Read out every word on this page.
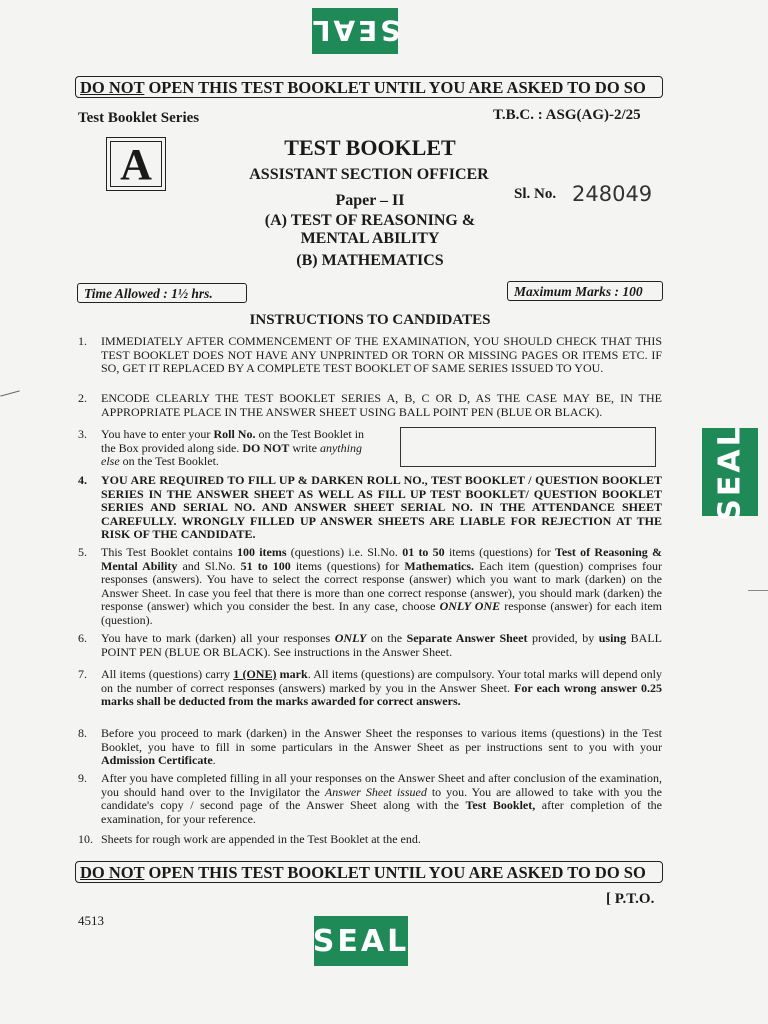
SEAL
SEAL
SEAL
DO NOT OPEN THIS TEST BOOKLET UNTIL YOU ARE ASKED TO DO SO
Test Booklet Series	T.B.C. : ASG(AG)-2/25
A	TEST BOOKLET
ASSISTANT SECTION OFFICER
Paper – II
(A) TEST OF REASONING &
MENTAL ABILITY
(B) MATHEMATICS
Sl. No. 248049
Time Allowed : 1½ hrs.	Maximum Marks : 100
INSTRUCTIONS TO CANDIDATES
1. IMMEDIATELY AFTER COMMENCEMENT OF THE EXAMINATION, YOU SHOULD CHECK THAT THIS TEST BOOKLET DOES NOT HAVE ANY UNPRINTED OR TORN OR MISSING PAGES OR ITEMS ETC. IF SO, GET IT REPLACED BY A COMPLETE TEST BOOKLET OF SAME SERIES ISSUED TO YOU.
2. ENCODE CLEARLY THE TEST BOOKLET SERIES A, B, C OR D, AS THE CASE MAY BE, IN THE APPROPRIATE PLACE IN THE ANSWER SHEET USING BALL POINT PEN (BLUE OR BLACK).
3. You have to enter your Roll No. on the Test Booklet in the Box provided along side. DO NOT write anything else on the Test Booklet.
4. YOU ARE REQUIRED TO FILL UP & DARKEN ROLL NO., TEST BOOKLET / QUESTION BOOKLET SERIES IN THE ANSWER SHEET AS WELL AS FILL UP TEST BOOKLET/ QUESTION BOOKLET SERIES AND SERIAL NO. AND ANSWER SHEET SERIAL NO. IN THE ATTENDANCE SHEET CAREFULLY. WRONGLY FILLED UP ANSWER SHEETS ARE LIABLE FOR REJECTION AT THE RISK OF THE CANDIDATE.
5. This Test Booklet contains 100 items (questions) i.e. Sl.No. 01 to 50 items (questions) for Test of Reasoning & Mental Ability and Sl.No. 51 to 100 items (questions) for Mathematics. Each item (question) comprises four responses (answers). You have to select the correct response (answer) which you want to mark (darken) on the Answer Sheet. In case you feel that there is more than one correct response (answer), you should mark (darken) the response (answer) which you consider the best. In any case, choose ONLY ONE response (answer) for each item (question).
6. You have to mark (darken) all your responses ONLY on the Separate Answer Sheet provided, by using BALL POINT PEN (BLUE OR BLACK). See instructions in the Answer Sheet.
7. All items (questions) carry 1 (ONE) mark. All items (questions) are compulsory. Your total marks will depend only on the number of correct responses (answers) marked by you in the Answer Sheet. For each wrong answer 0.25 marks shall be deducted from the marks awarded for correct answers.
8. Before you proceed to mark (darken) in the Answer Sheet the responses to various items (questions) in the Test Booklet, you have to fill in some particulars in the Answer Sheet as per instructions sent to you with your Admission Certificate.
9. After you have completed filling in all your responses on the Answer Sheet and after conclusion of the examination, you should hand over to the Invigilator the Answer Sheet issued to you. You are allowed to take with you the candidate's copy / second page of the Answer Sheet along with the Test Booklet, after completion of the examination, for your reference.
10. Sheets for rough work are appended in the Test Booklet at the end.
DO NOT OPEN THIS TEST BOOKLET UNTIL YOU ARE ASKED TO DO SO
[ P.T.O.
4513
